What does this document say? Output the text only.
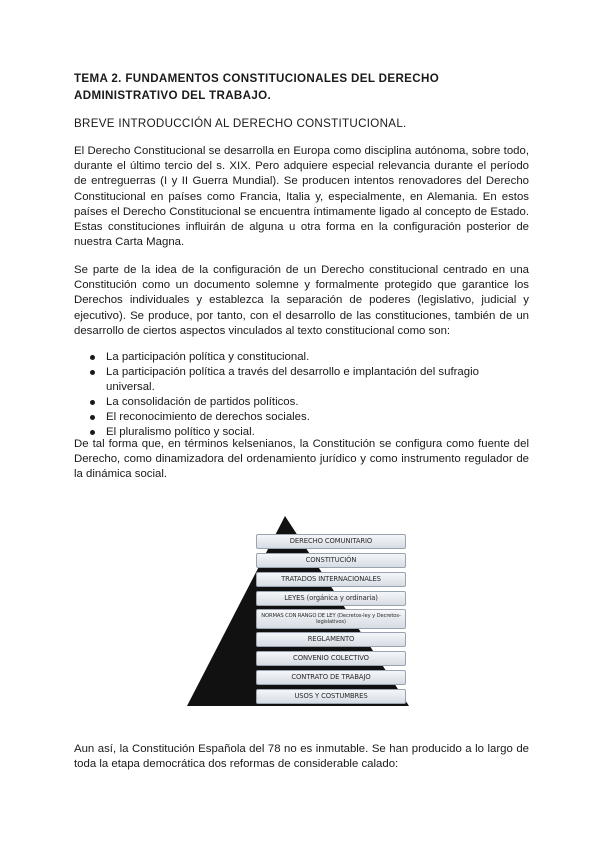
TEMA 2. FUNDAMENTOS CONSTITUCIONALES DEL DERECHO ADMINISTRATIVO DEL TRABAJO.
BREVE INTRODUCCIÓN AL DERECHO CONSTITUCIONAL.
El Derecho Constitucional se desarrolla en Europa como disciplina autónoma, sobre todo, durante el último tercio del s. XIX. Pero adquiere especial relevancia durante el período de entreguerras (I y II Guerra Mundial). Se producen intentos renovadores del Derecho Constitucional en países como Francia, Italia y, especialmente, en Alemania. En estos países el Derecho Constitucional se encuentra íntimamente ligado al concepto de Estado. Estas constituciones influirán de alguna u otra forma en la configuración posterior de nuestra Carta Magna.
Se parte de la idea de la configuración de un Derecho constitucional centrado en una Constitución como un documento solemne y formalmente protegido que garantice los Derechos individuales y establezca la separación de poderes (legislativo, judicial y ejecutivo). Se produce, por tanto, con el desarrollo de las constituciones, también de un desarrollo de ciertos aspectos vinculados al texto constitucional como son:
La participación política y constitucional.
La participación política a través del desarrollo e implantación del sufragio universal.
La consolidación de partidos políticos.
El reconocimiento de derechos sociales.
El pluralismo político y social.
De tal forma que, en términos kelsenianos, la Constitución se configura como fuente del Derecho, como dinamizadora del ordenamiento jurídico y como instrumento regulador de la dinámica social.
DERECHO COMUNITARIO
CONSTITUCIÓN
TRATADOS INTERNACIONALES
LEYES (orgánica y ordinaria)
NORMAS CON RANGO DE LEY (Decretos-ley y Decretos-legislativos)
REGLAMENTO
CONVENIO COLECTIVO
CONTRATO DE TRABAJO
USOS Y COSTUMBRES
Aun así, la Constitución Española del 78 no es inmutable. Se han producido a lo largo de toda la etapa democrática dos reformas de considerable calado:
